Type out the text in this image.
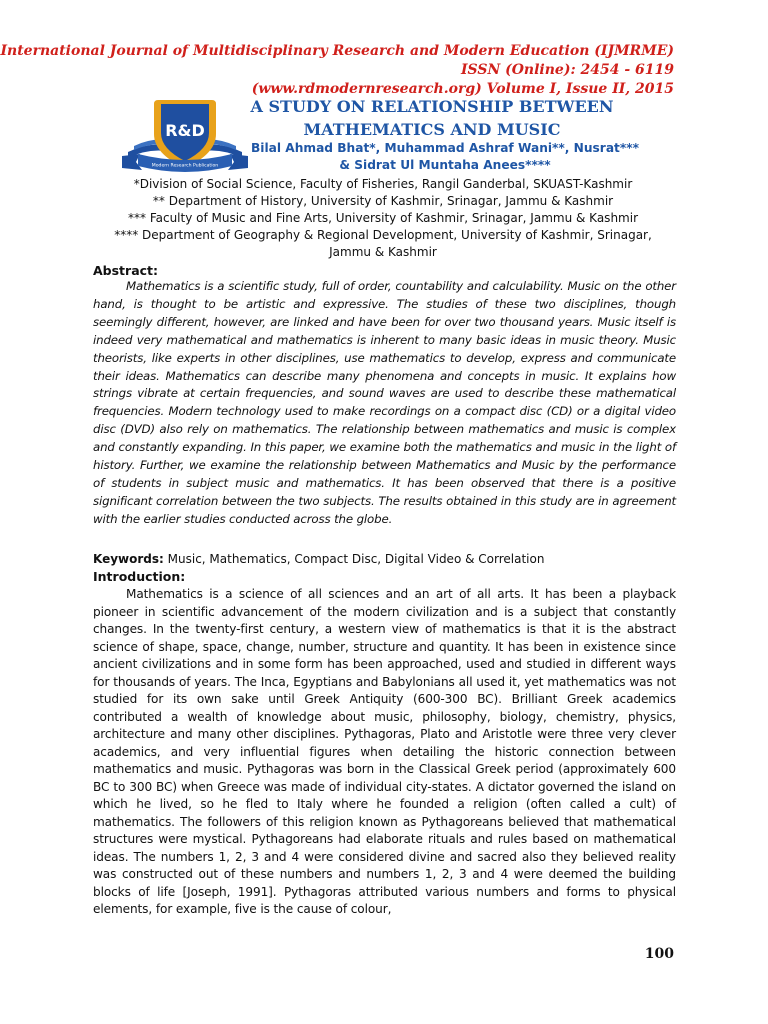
International Journal of Multidisciplinary Research and Modern Education (IJMRME)
ISSN (Online): 2454 - 6119
(www.rdmodernresearch.org) Volume I, Issue II, 2015
R&D
Modern Research Publication
A STUDY ON RELATIONSHIP BETWEEN
MATHEMATICS AND MUSIC
Bilal Ahmad Bhat*, Muhammad Ashraf Wani**, Nusrat***
& Sidrat Ul Muntaha Anees****
*Division of Social Science, Faculty of Fisheries, Rangil Ganderbal, SKUAST-Kashmir
** Department of History, University of Kashmir, Srinagar, Jammu & Kashmir
*** Faculty of Music and Fine Arts, University of Kashmir, Srinagar, Jammu & Kashmir
**** Department of Geography & Regional Development, University of Kashmir, Srinagar,
Jammu & Kashmir
Abstract:

Mathematics is a scientific study, full of order, countability and calculability. Music on the other hand, is thought to be artistic and expressive. The studies of these two disciplines, though seemingly different, however, are linked and have been for over two thousand years. Music itself is indeed very mathematical and mathematics is inherent to many basic ideas in music theory. Music theorists, like experts in other disciplines, use mathematics to develop, express and communicate their ideas. Mathematics can describe many phenomena and concepts in music. It explains how strings vibrate at certain frequencies, and sound waves are used to describe these mathematical frequencies. Modern technology used to make recordings on a compact disc (CD) or a digital video disc (DVD) also rely on mathematics. The relationship between mathematics and music is complex and constantly expanding. In this paper, we examine both the mathematics and music in the light of history. Further, we examine the relationship between Mathematics and Music by the performance of students in subject music and mathematics. It has been observed that there is a positive significant correlation between the two subjects. The results obtained in this study are in agreement with the earlier studies conducted across the globe.

Keywords: Music, Mathematics, Compact Disc, Digital Video & Correlation
Introduction:

Mathematics is a science of all sciences and an art of all arts. It has been a playback pioneer in scientific advancement of the modern civilization and is a subject that constantly changes. In the twenty-first century, a western view of mathematics is that it is the abstract science of shape, space, change, number, structure and quantity. It has been in existence since ancient civilizations and in some form has been approached, used and studied in different ways for thousands of years. The Inca, Egyptians and Babylonians all used it, yet mathematics was not studied for its own sake until Greek Antiquity (600-300 BC). Brilliant Greek academics contributed a wealth of knowledge about music, philosophy, biology, chemistry, physics, architecture and many other disciplines. Pythagoras, Plato and Aristotle were three very clever academics, and very influential figures when detailing the historic connection between mathematics and music. Pythagoras was born in the Classical Greek period (approximately 600 BC to 300 BC) when Greece was made of individual city-states. A dictator governed the island on which he lived, so he fled to Italy where he founded a religion (often called a cult) of mathematics. The followers of this religion known as Pythagoreans believed that mathematical structures were mystical. Pythagoreans had elaborate rituals and rules based on mathematical ideas. The numbers 1, 2, 3 and 4 were considered divine and sacred also they believed reality was constructed out of these numbers and numbers 1, 2, 3 and 4 were deemed the building blocks of life [Joseph, 1991]. Pythagoras attributed various numbers and forms to physical elements, for example, five is the cause of colour,

100
